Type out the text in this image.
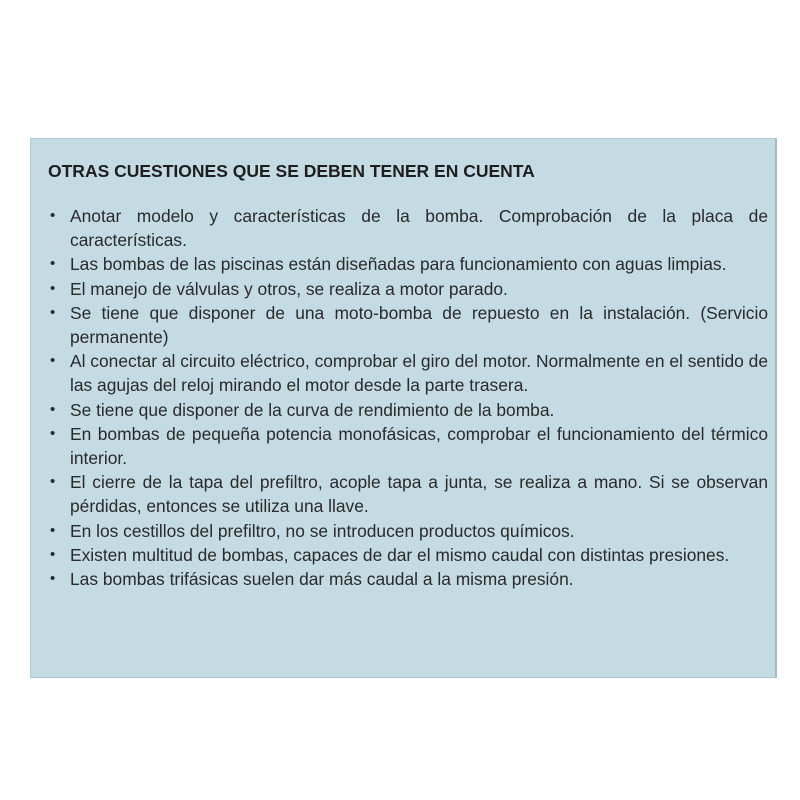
OTRAS CUESTIONES QUE SE DEBEN TENER EN CUENTA
• Anotar modelo y características de la bomba. Comprobación de la placa de características.
• Las bombas de las piscinas están diseñadas para funcionamiento con aguas limpias.
• El manejo de válvulas y otros, se realiza a motor parado.
• Se tiene que disponer de una moto-bomba de repuesto en la instalación. (Servicio permanente)
• Al conectar al circuito eléctrico, comprobar el giro del motor. Normalmente en el sentido de las agujas del reloj mirando el motor desde la parte trasera.
• Se tiene que disponer de la curva de rendimiento de la bomba.
• En bombas de pequeña potencia monofásicas, comprobar el funcionamiento del térmico interior.
• El cierre de la tapa del prefiltro, acople tapa a junta, se realiza a mano. Si se observan pérdidas, entonces se utiliza una llave.
• En los cestillos del prefiltro, no se introducen productos químicos.
• Existen multitud de bombas, capaces de dar el mismo caudal con distintas presiones.
• Las bombas trifásicas suelen dar más caudal a la misma presión.
